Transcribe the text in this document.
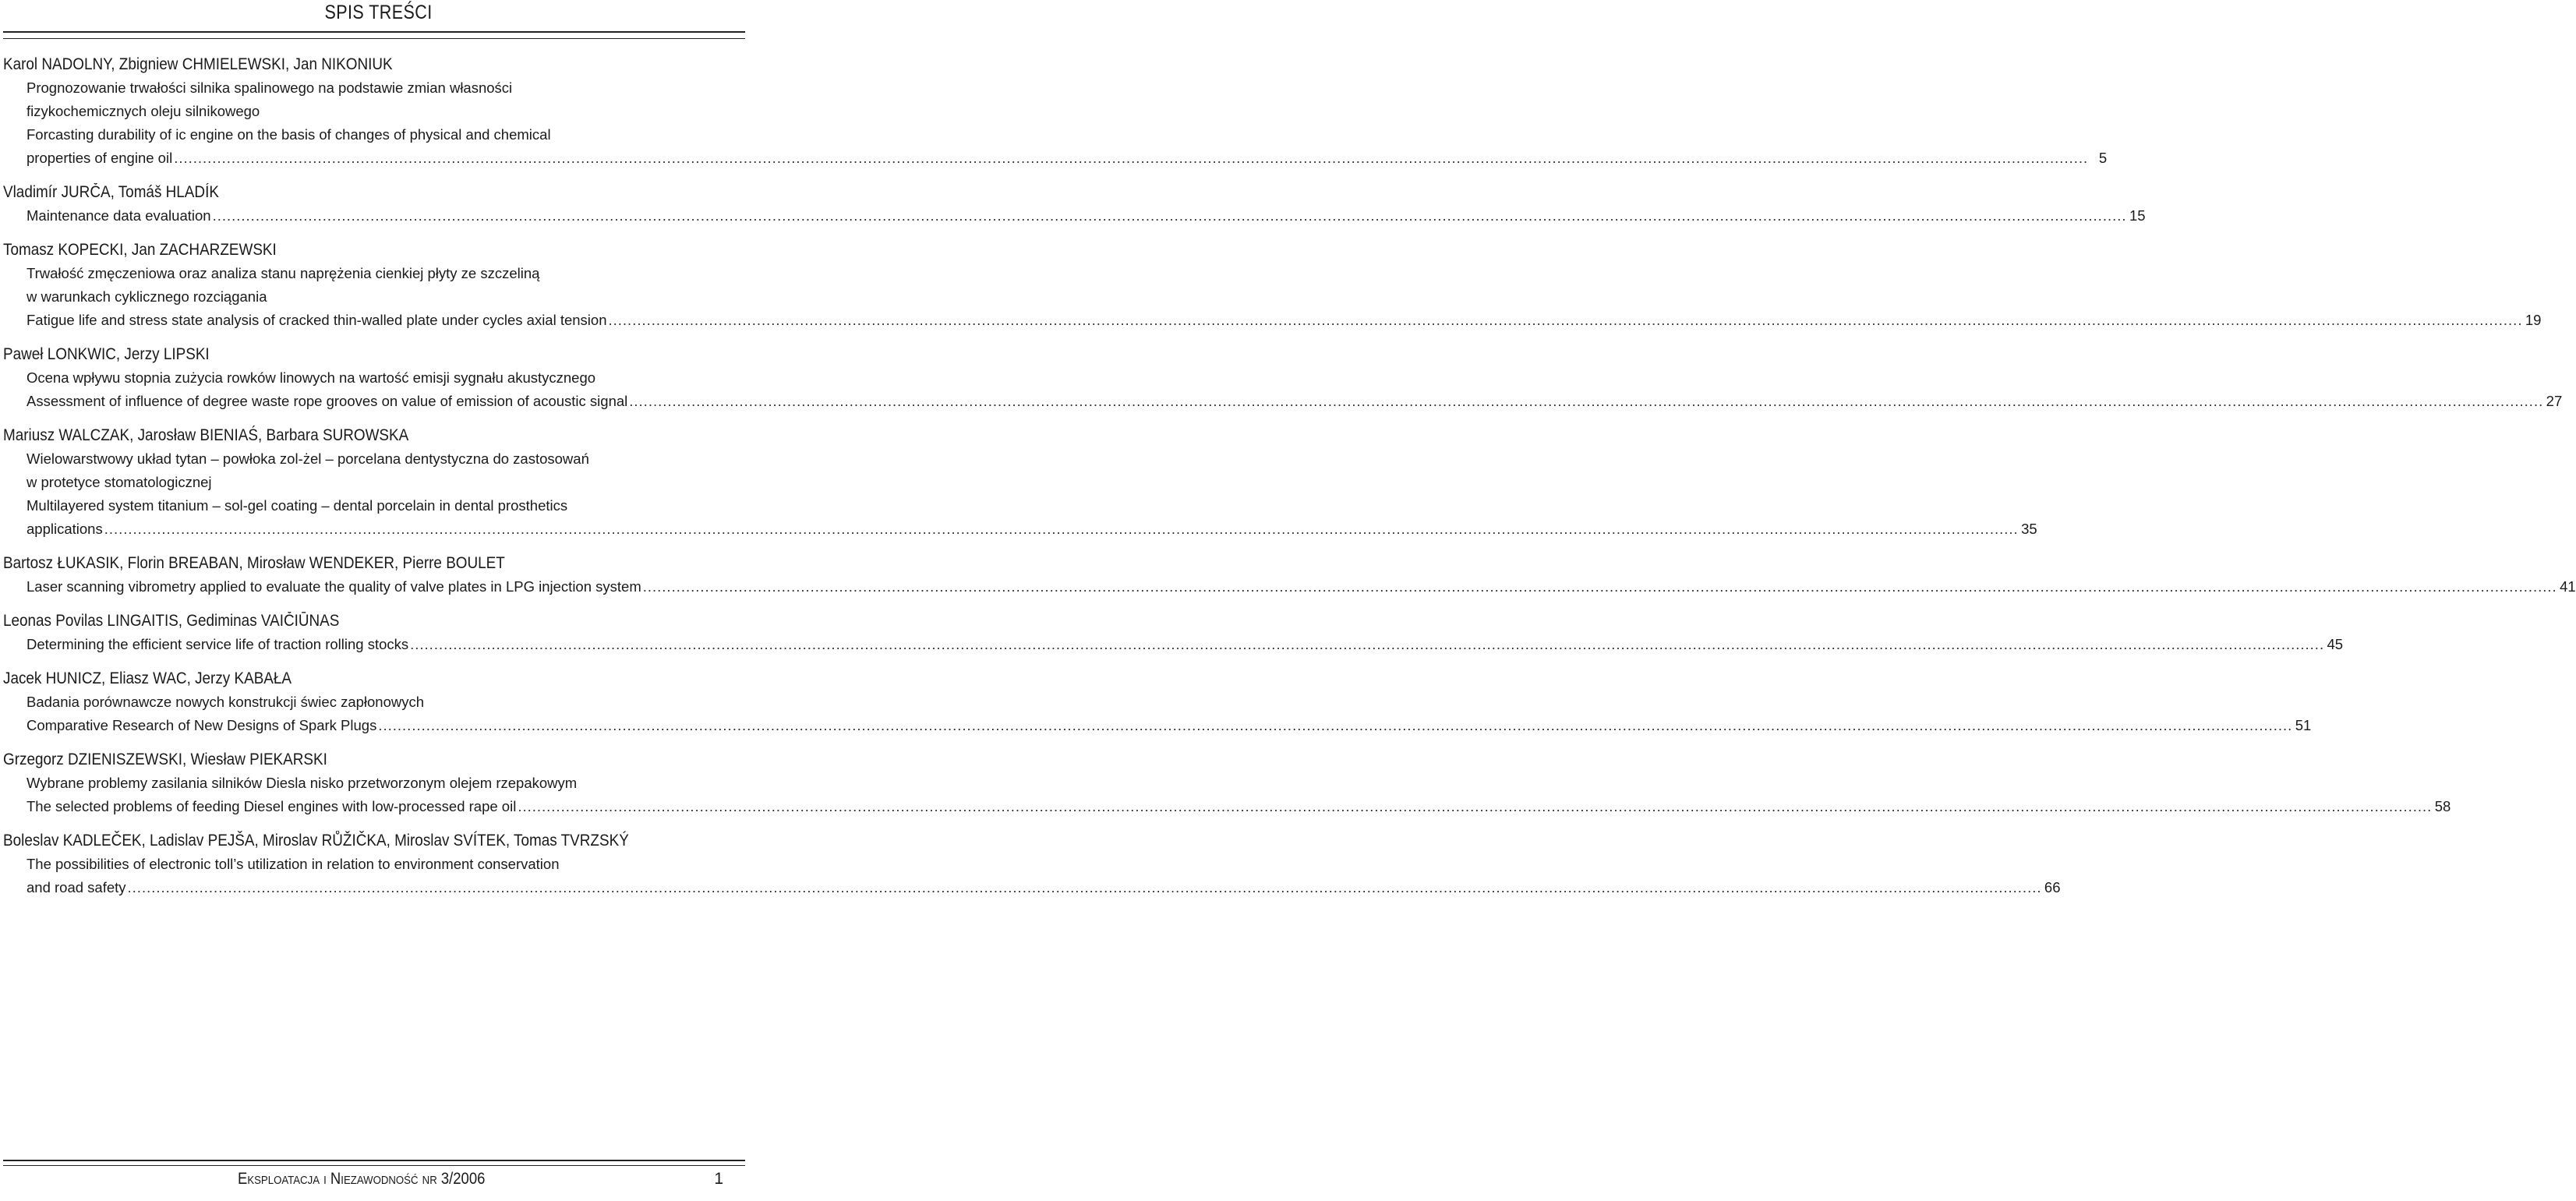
SPIS TREŚCI
Karol NADOLNY, Zbigniew CHMIELEWSKI, Jan NIKONIUK
Prognozowanie trwałości silnika spalinowego na podstawie zmian własności
fizykochemicznych oleju silnikowego
Forcasting durability of ic engine on the basis of changes of physical and chemical
properties of engine oil ................................................................................................................................................................................................................................................................................................................................................................................................................ 5
Vladimír JURČA, Tomáš HLADÍK
Maintenance data evaluation ................................................................................................................................................................................................................................................................................................................................................................................................................ 15
Tomasz KOPECKI, Jan ZACHARZEWSKI
Trwałość zmęczeniowa oraz analiza stanu naprężenia cienkiej płyty ze szczeliną
w warunkach cyklicznego rozciągania
Fatigue life and stress state analysis of cracked thin-walled plate under cycles axial tension ................................................................................................................................................................................................................................................................................................................................................................................................................ 19
Paweł LONKWIC, Jerzy LIPSKI
Ocena wpływu stopnia zużycia rowków linowych na wartość emisji sygnału akustycznego
Assessment of influence of degree waste rope grooves on value of emission of acoustic signal ................................................................................................................................................................................................................................................................................................................................................................................................................ 27
Mariusz WALCZAK, Jarosław BIENIAŚ, Barbara SUROWSKA
Wielowarstwowy układ tytan – powłoka zol-żel – porcelana dentystyczna do zastosowań
w protetyce stomatologicznej
Multilayered system titanium – sol-gel coating – dental porcelain in dental prosthetics
applications ................................................................................................................................................................................................................................................................................................................................................................................................................ 35
Bartosz ŁUKASIK, Florin BREABAN, Mirosław WENDEKER, Pierre BOULET
Laser scanning vibrometry applied to evaluate the quality of valve plates in LPG injection system ................................................................................................................................................................................................................................................................................................................................................................................................................ 41
Leonas Povilas LINGAITIS, Gediminas VAIČIŪNAS
Determining the efficient service life of traction rolling stocks ................................................................................................................................................................................................................................................................................................................................................................................................................ 45
Jacek HUNICZ, Eliasz WAC, Jerzy KABAŁA
Badania porównawcze nowych konstrukcji świec zapłonowych
Comparative Research of New Designs of Spark Plugs ................................................................................................................................................................................................................................................................................................................................................................................................................ 51
Grzegorz DZIENISZEWSKI, Wiesław PIEKARSKI
Wybrane problemy zasilania silników Diesla nisko przetworzonym olejem rzepakowym
The selected problems of feeding Diesel engines with low-processed rape oil ................................................................................................................................................................................................................................................................................................................................................................................................................ 58
Boleslav KADLEČEK, Ladislav PEJŠA, Miroslav RŮŽIČKA, Miroslav SVÍTEK, Tomas TVRZSKÝ
The possibilities of electronic toll’s utilization in relation to environment conservation
and road safety ................................................................................................................................................................................................................................................................................................................................................................................................................ 66
Eksploatacja i Niezawodność nr 3/2006	1
